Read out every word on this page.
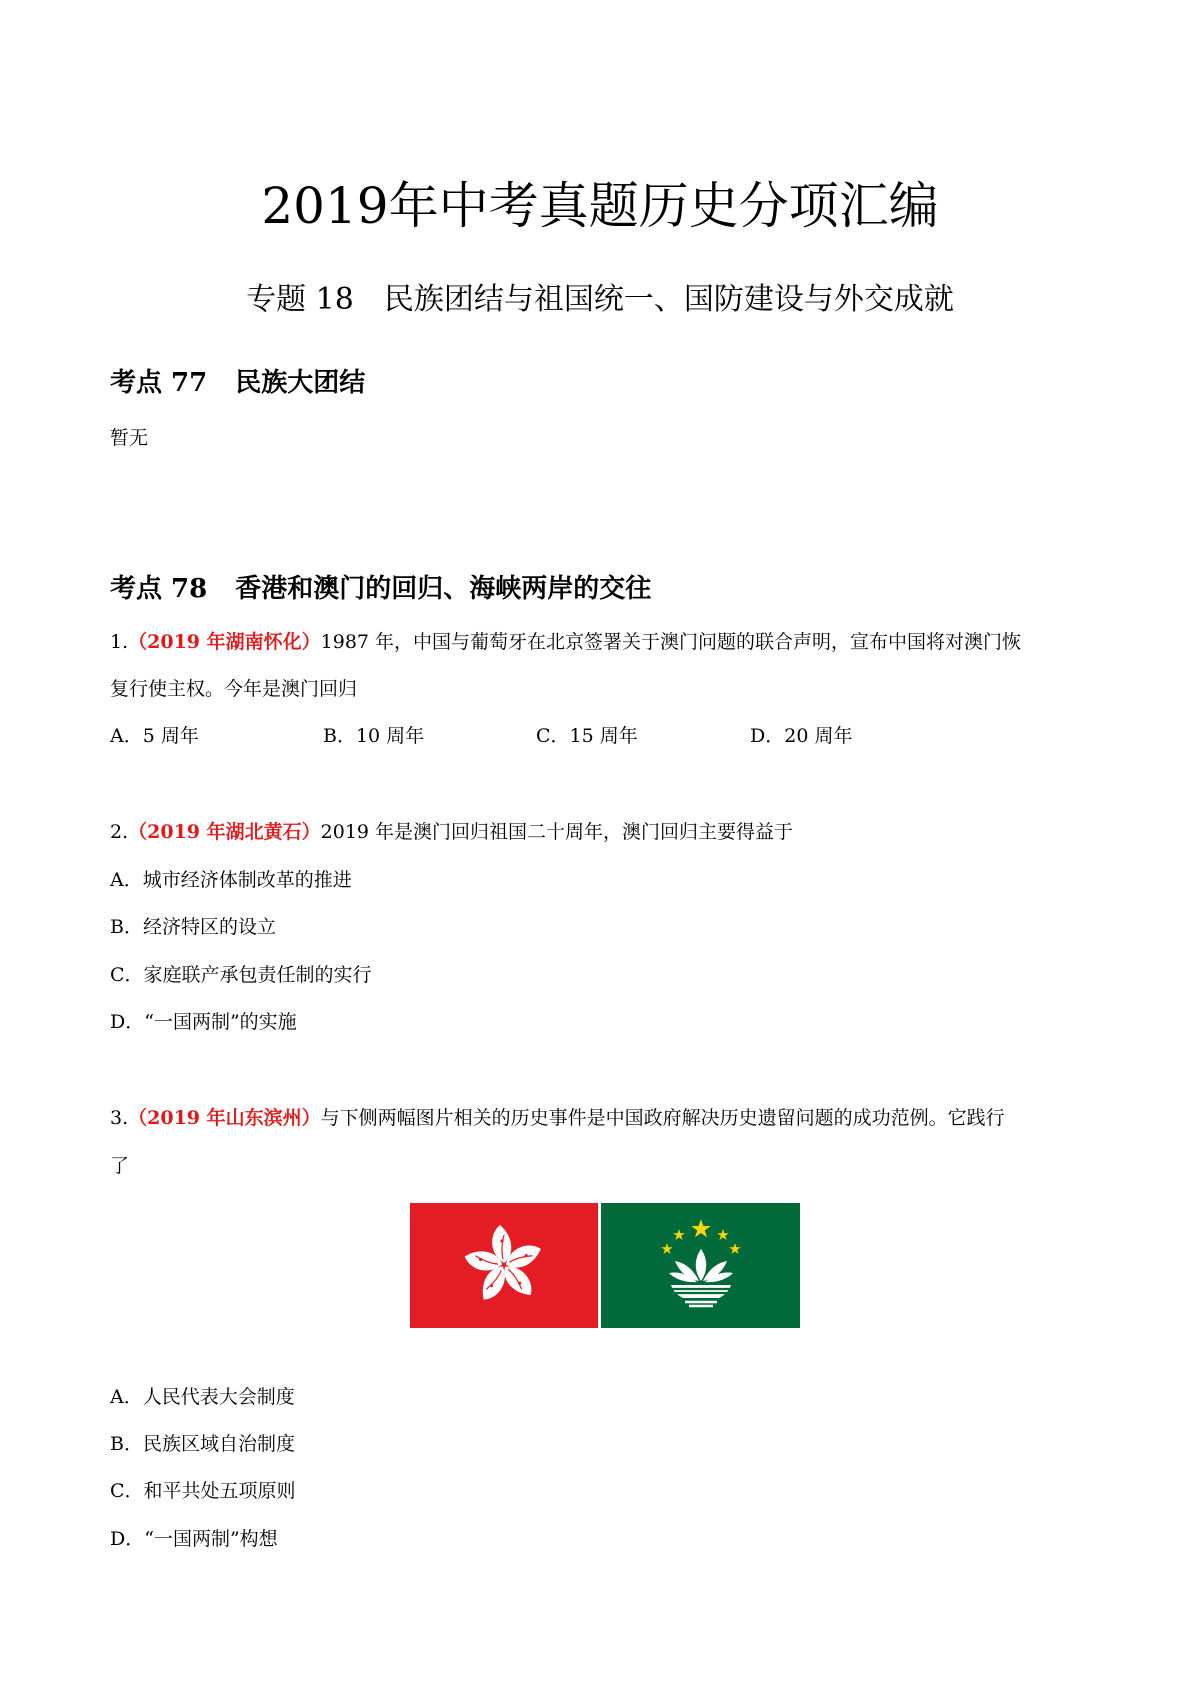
2019年中考真题历史分项汇编
专题 18 民族团结与祖国统一、国防建设与外交成就
考点 77 民族大团结
暂无
考点 78 香港和澳门的回归、海峡两岸的交往
1.（2019 年湖南怀化）1987 年，中国与葡萄牙在北京签署关于澳门问题的联合声明，宣布中国将对澳门恢
复行使主权。今年是澳门回归
A．5 周年	B．10 周年	C．15 周年	D．20 周年
2.（2019 年湖北黄石）2019 年是澳门回归祖国二十周年，澳门回归主要得益于
A．城市经济体制改革的推进
B．经济特区的设立
C．家庭联产承包责任制的实行
D．“一国两制”的实施
3.（2019 年山东滨州）与下侧两幅图片相关的历史事件是中国政府解决历史遗留问题的成功范例。它践行
了
A．人民代表大会制度
B．民族区域自治制度
C．和平共处五项原则
D．“一国两制”构想
